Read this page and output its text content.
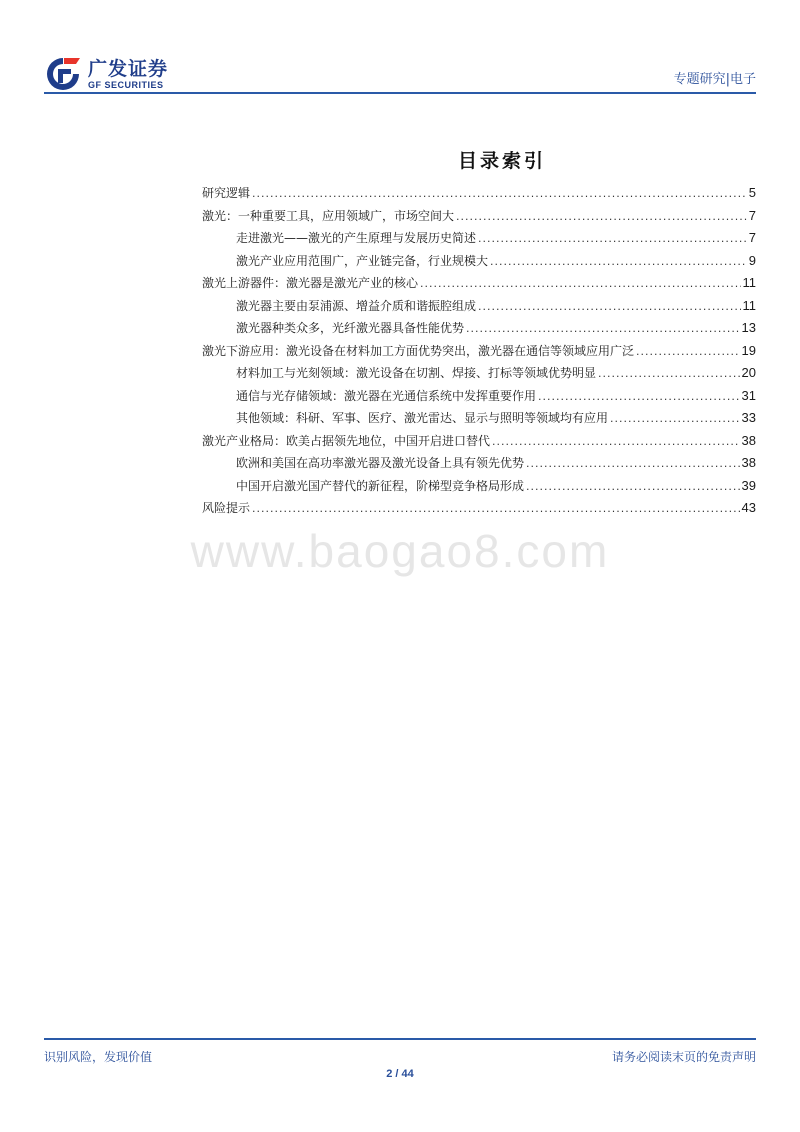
广发证券
GF SECURITIES	专题研究|电子
目录索引
研究逻辑 .....	5
激光：一种重要工具，应用领域广，市场空间大 .....	7
走进激光——激光的产生原理与发展历史简述 .....	7
激光产业应用范围广，产业链完备，行业规模大 .....	9
激光上游器件：激光器是激光产业的核心 .....	11
激光器主要由泵浦源、增益介质和谐振腔组成 .....	11
激光器种类众多，光纤激光器具备性能优势 .....	13
激光下游应用：激光设备在材料加工方面优势突出，激光器在通信等领域应用广泛 .....	19
材料加工与光刻领域：激光设备在切割、焊接、打标等领域优势明显 .....	20
通信与光存储领域：激光器在光通信系统中发挥重要作用 .....	31
其他领域：科研、军事、医疗、激光雷达、显示与照明等领域均有应用 .....	33
激光产业格局：欧美占据领先地位，中国开启进口替代 .....	38
欧洲和美国在高功率激光器及激光设备上具有领先优势 .....	38
中国开启激光国产替代的新征程，阶梯型竞争格局形成 .....	39
风险提示 .....	43
www.baogao8.com
识别风险，发现价值	请务必阅读末页的免责声明
2 / 44
